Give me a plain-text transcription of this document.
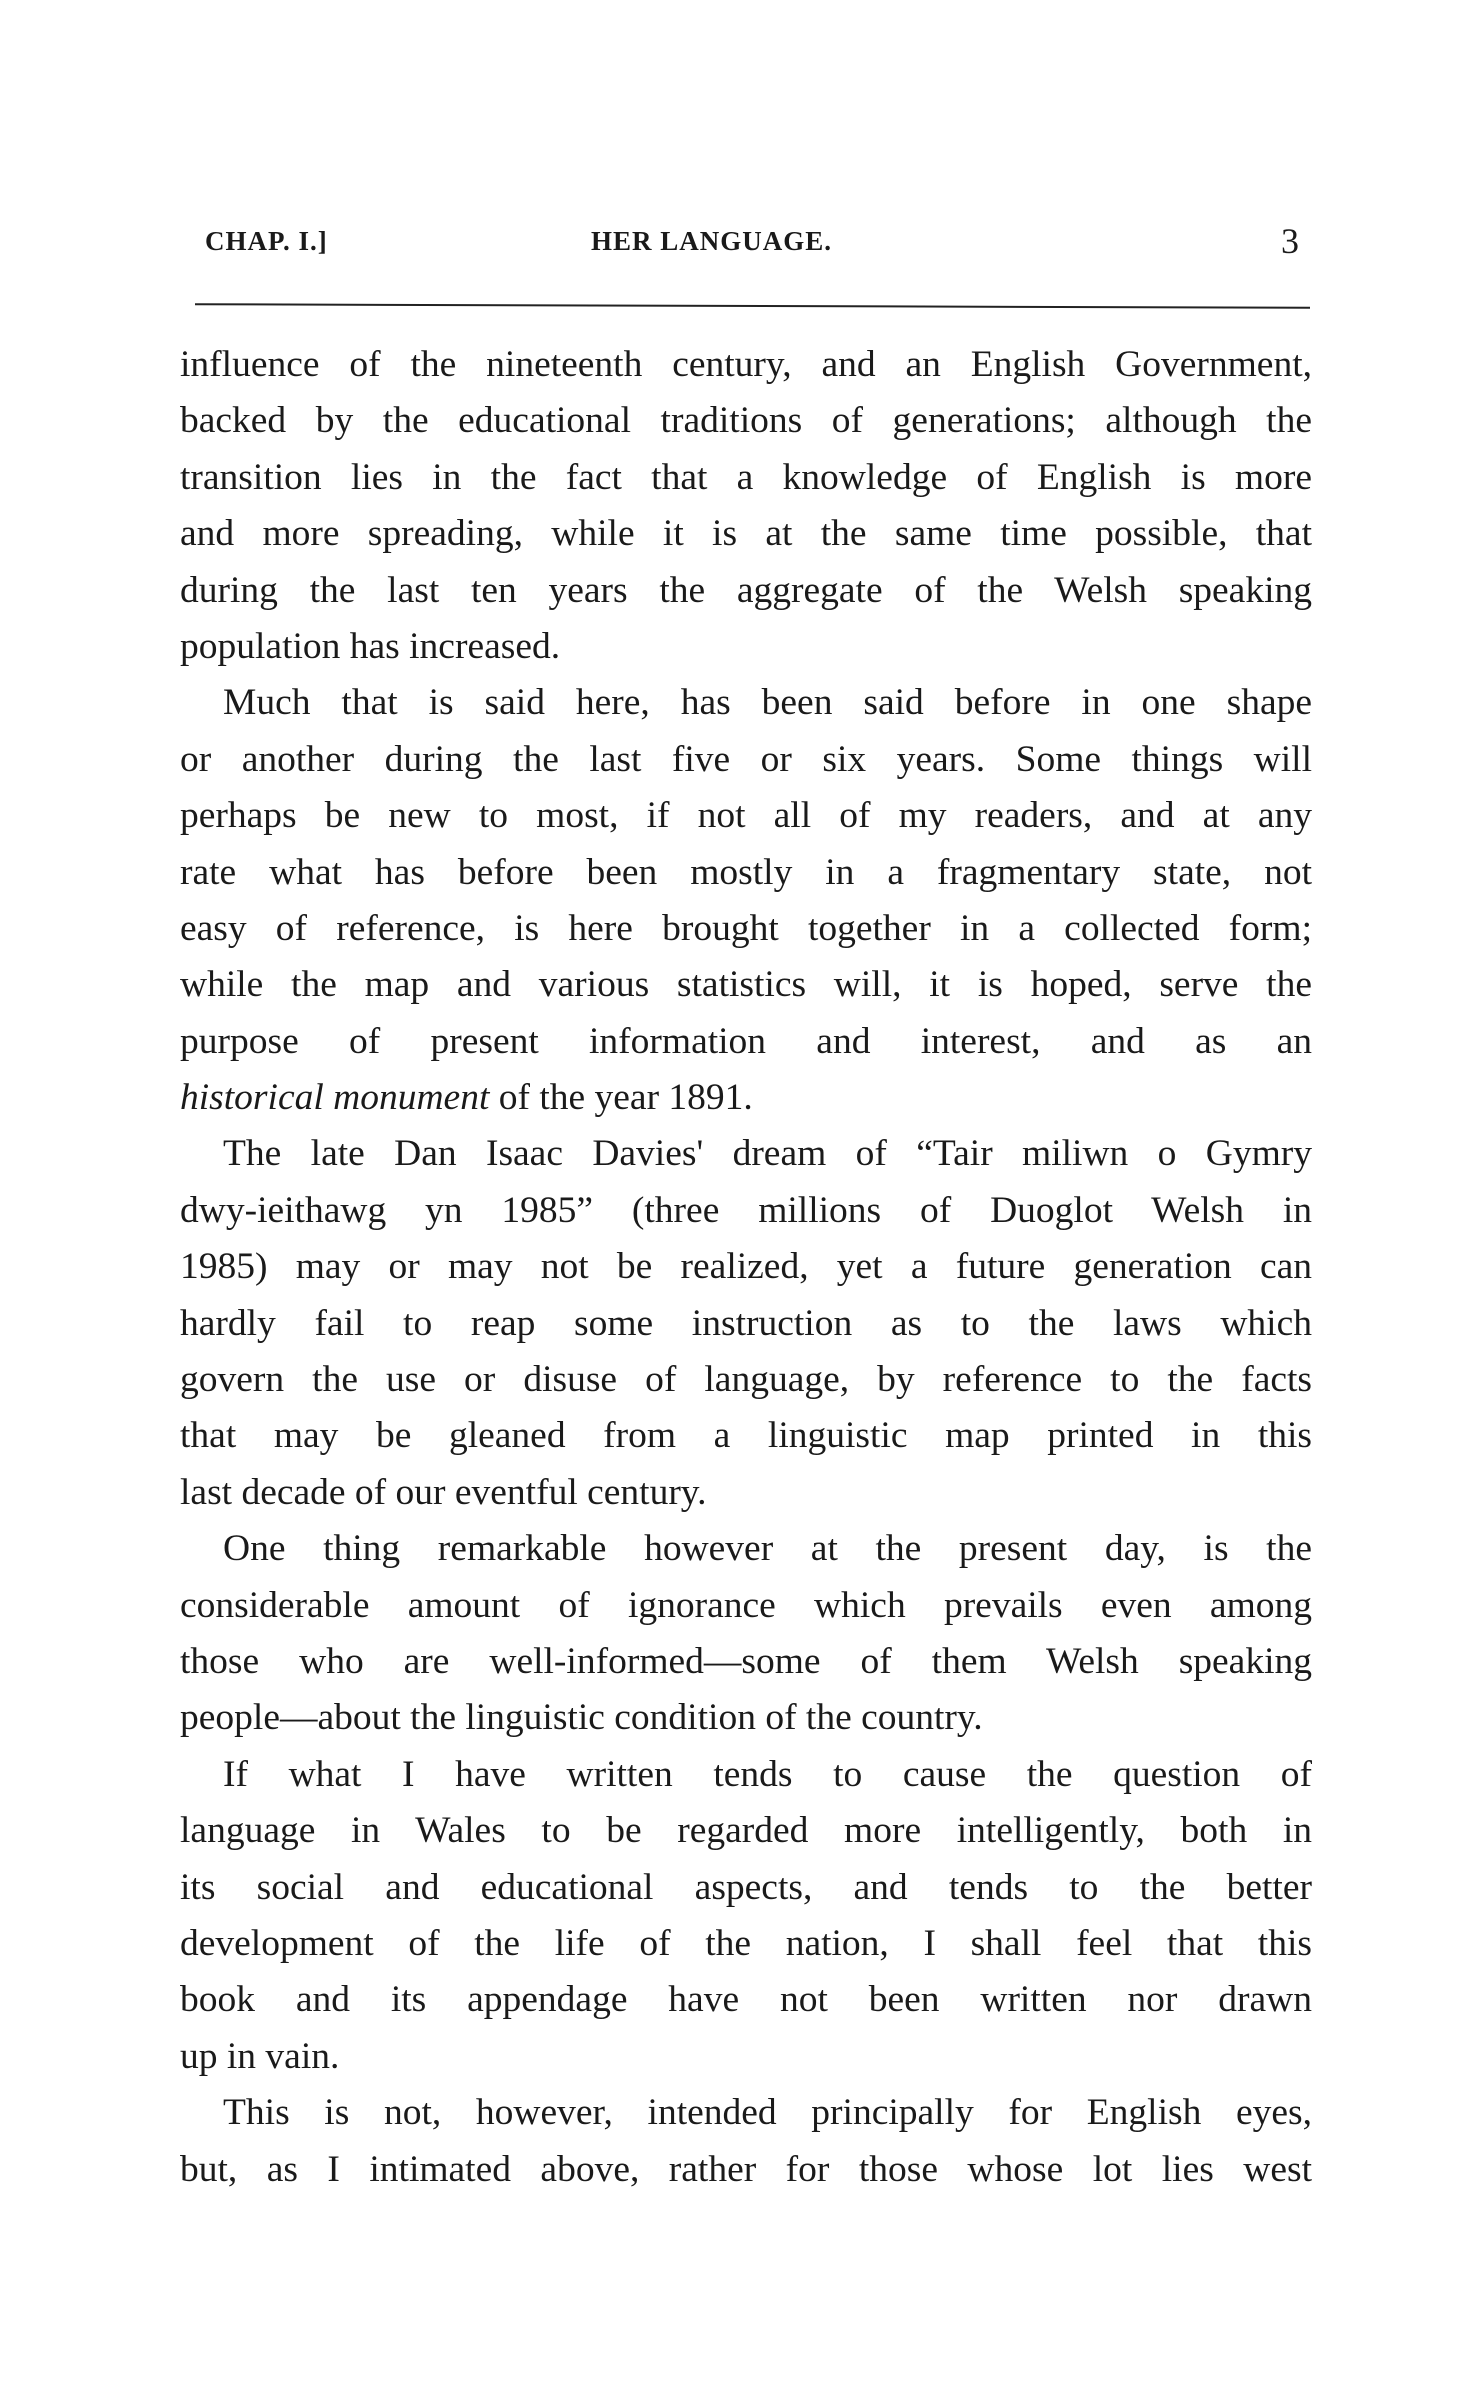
CHAP. I.]	HER LANGUAGE.	3
influence of the nineteenth century, and an English Government,
backed by the educational traditions of generations; although the
transition lies in the fact that a knowledge of English is more
and more spreading, while it is at the same time possible, that
during the last ten years the aggregate of the Welsh speaking
population has increased.
Much that is said here, has been said before in one shape
or another during the last five or six years. Some things will
perhaps be new to most, if not all of my readers, and at any
rate what has before been mostly in a fragmentary state, not
easy of reference, is here brought together in a collected form;
while the map and various statistics will, it is hoped, serve the
purpose of present information and interest, and as an
historical monument of the year 1891.
The late Dan Isaac Davies' dream of “Tair miliwn o Gymry
dwy-ieithawg yn 1985” (three millions of Duoglot Welsh in
1985) may or may not be realized, yet a future generation can
hardly fail to reap some instruction as to the laws which
govern the use or disuse of language, by reference to the facts
that may be gleaned from a linguistic map printed in this
last decade of our eventful century.
One thing remarkable however at the present day, is the
considerable amount of ignorance which prevails even among
those who are well-informed—some of them Welsh speaking
people—about the linguistic condition of the country.
If what I have written tends to cause the question of
language in Wales to be regarded more intelligently, both in
its social and educational aspects, and tends to the better
development of the life of the nation, I shall feel that this
book and its appendage have not been written nor drawn
up in vain.
This is not, however, intended principally for English eyes,
but, as I intimated above, rather for those whose lot lies west
